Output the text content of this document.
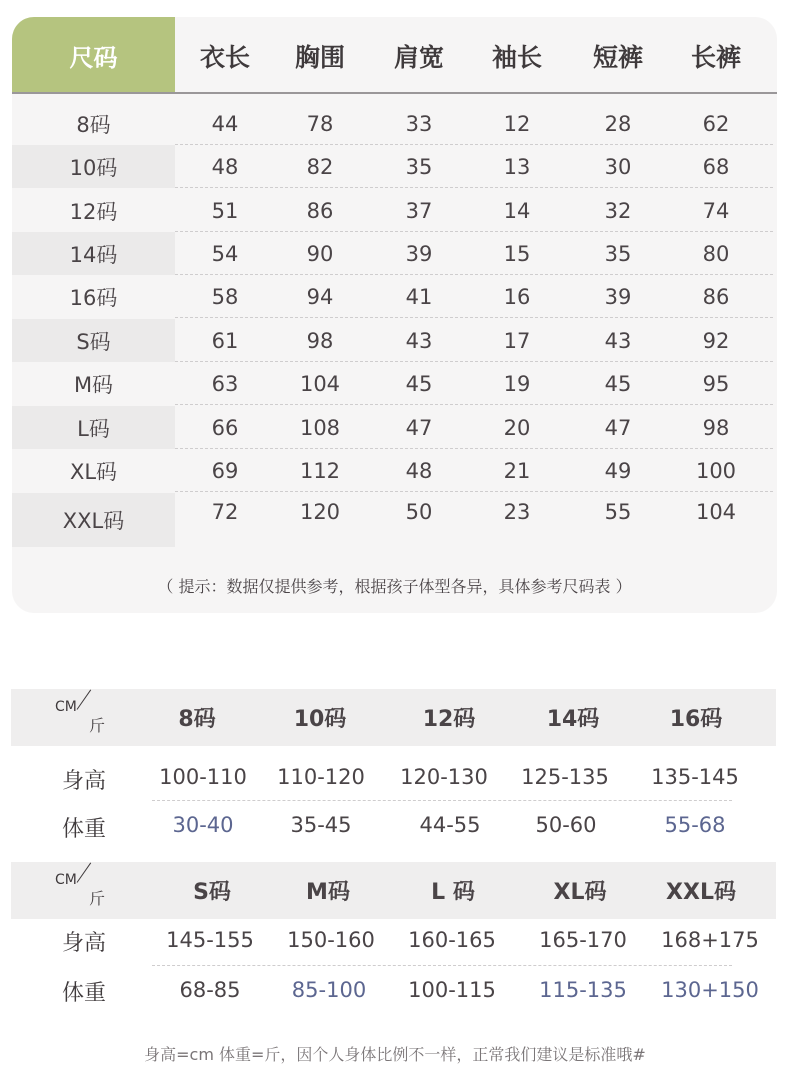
尺码	衣长	胸围	肩宽	袖长	短裤	长裤
8码	44	78	33	12	28	62
10码	48	82	35	13	30	68
12码	51	86	37	14	32	74
14码	54	90	39	15	35	80
16码	58	94	41	16	39	86
S码	61	98	43	17	43	92
M码	63	104	45	19	45	95
L码	66	108	47	20	47	98
XL码	69	112	48	21	49	100
XXL码	72	120	50	23	55	104
（ 提示：数据仅提供参考，根据孩子体型各异，具体参考尺码表 ）
CM
斤	8码	10码	12码	14码	16码
身高	100-110	110-120	120-130	125-135	135-145
体重	30-40	35-45	44-55	50-60	55-68
CM
斤	S码	M码	L 码	XL码	XXL码
身高	145-155	150-160	160-165	165-170	168+175
体重	68-85	85-100	100-115	115-135	130+150
身高=cm 体重=斤，因个人身体比例不一样，正常我们建议是标准哦#
